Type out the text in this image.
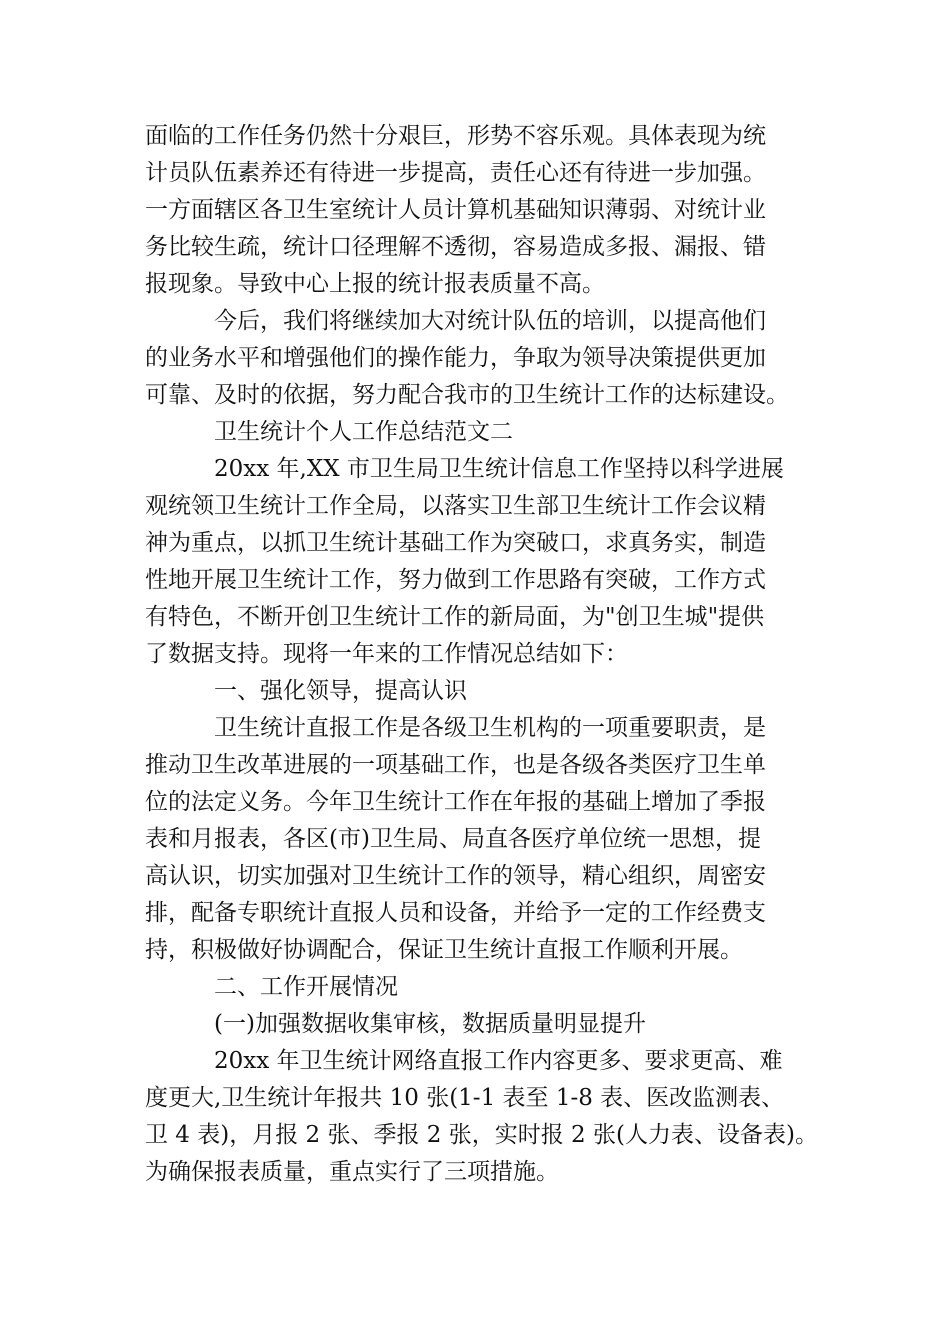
面临的工作任务仍然十分艰巨，形势不容乐观。具体表现为统
计员队伍素养还有待进一步提高，责任心还有待进一步加强。
一方面辖区各卫生室统计人员计算机基础知识薄弱、对统计业
务比较生疏，统计口径理解不透彻，容易造成多报、漏报、错
报现象。导致中心上报的统计报表质量不高。
今后，我们将继续加大对统计队伍的培训，以提高他们
的业务水平和增强他们的操作能力，争取为领导决策提供更加
可靠、及时的依据，努力配合我市的卫生统计工作的达标建设。
卫生统计个人工作总结范文二
20xx 年,XX 市卫生局卫生统计信息工作坚持以科学进展
观统领卫生统计工作全局，以落实卫生部卫生统计工作会议精
神为重点，以抓卫生统计基础工作为突破口，求真务实，制造
性地开展卫生统计工作，努力做到工作思路有突破，工作方式
有特色，不断开创卫生统计工作的新局面，为"创卫生城"提供
了数据支持。现将一年来的工作情况总结如下：
一、强化领导，提高认识
卫生统计直报工作是各级卫生机构的一项重要职责，是
推动卫生改革进展的一项基础工作，也是各级各类医疗卫生单
位的法定义务。今年卫生统计工作在年报的基础上增加了季报
表和月报表，各区(市)卫生局、局直各医疗单位统一思想，提
高认识，切实加强对卫生统计工作的领导，精心组织，周密安
排，配备专职统计直报人员和设备，并给予一定的工作经费支
持，积极做好协调配合，保证卫生统计直报工作顺利开展。
二、工作开展情况
(一)加强数据收集审核，数据质量明显提升
20xx 年卫生统计网络直报工作内容更多、要求更高、难
度更大,卫生统计年报共 10 张(1-1 表至 1-8 表、医改监测表、
卫 4 表)，月报 2 张、季报 2 张，实时报 2 张(人力表、设备表)。
为确保报表质量，重点实行了三项措施。
